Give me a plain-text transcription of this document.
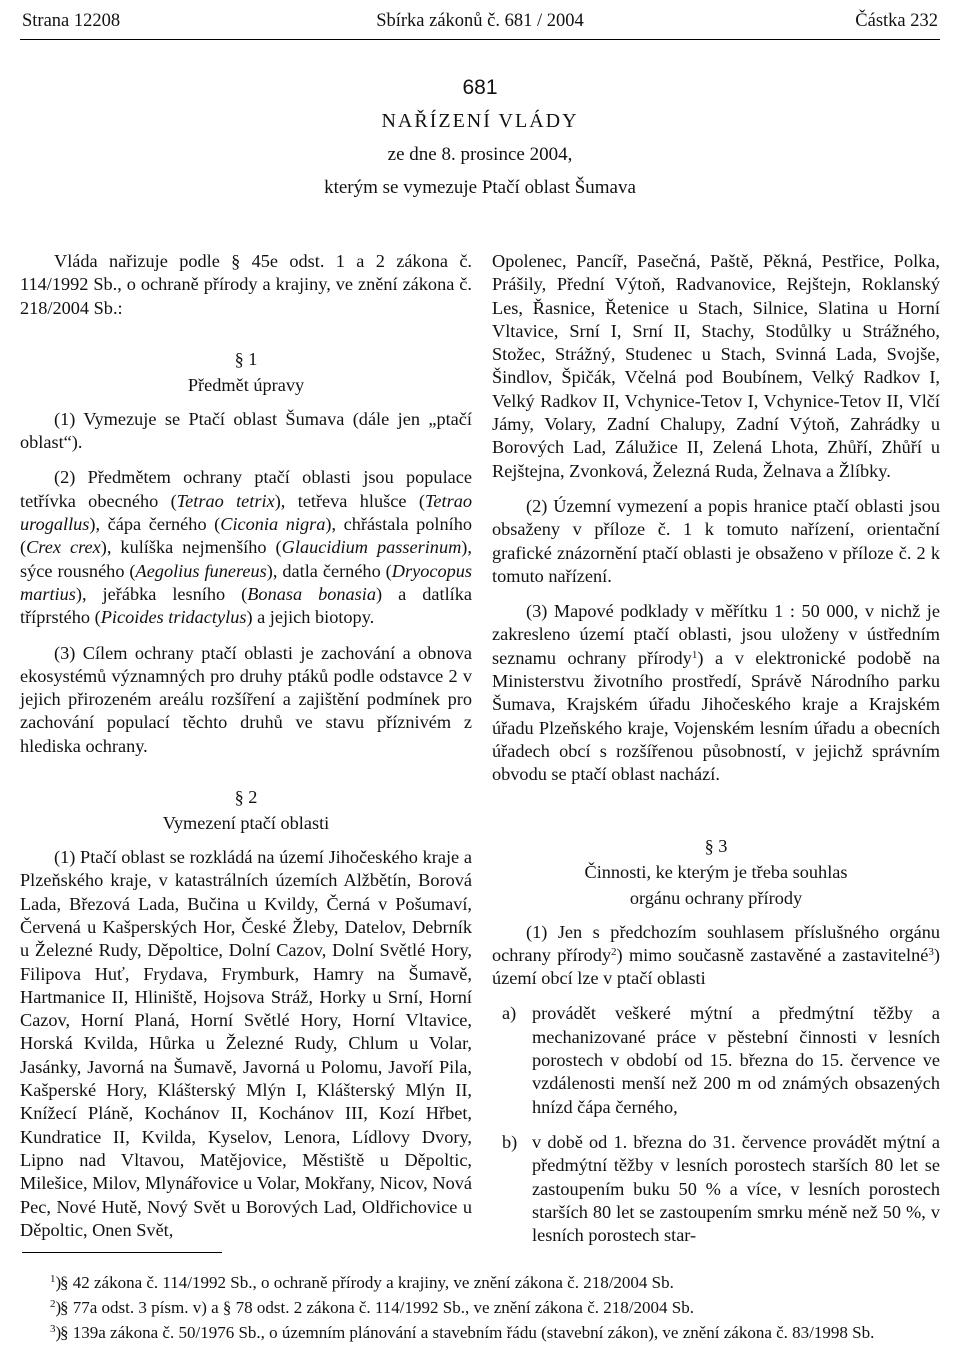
Strana 12208	Sbírka zákonů č. 681 / 2004	Částka 232
681
NAŘÍZENÍ VLÁDY
ze dne 8. prosince 2004,
kterým se vymezuje Ptačí oblast Šumava

Vláda nařizuje podle § 45e odst. 1 a 2 zákona č. 114/1992 Sb., o ochraně přírody a krajiny, ve znění zákona č. 218/2004 Sb.:

§ 1

Předmět úpravy

(1) Vymezuje se Ptačí oblast Šumava (dále jen „ptačí oblast“).

(2) Předmětem ochrany ptačí oblasti jsou populace tetřívka obecného (Tetrao tetrix), tetřeva hlušce (Tetrao urogallus), čápa černého (Ciconia nigra), chřástala polního (Crex crex), kulíška nejmenšího (Glaucidium passerinum), sýce rousného (Aegolius funereus), datla černého (Dryocopus martius), jeřábka lesního (Bonasa bonasia) a datlíka tříprstého (Picoides tridactylus) a jejich biotopy.

(3) Cílem ochrany ptačí oblasti je zachování a obnova ekosystémů významných pro druhy ptáků podle odstavce 2 v jejich přirozeném areálu rozšíření a zajištění podmínek pro zachování populací těchto druhů ve stavu příznivém z hlediska ochrany.

§ 2

Vymezení ptačí oblasti

(1) Ptačí oblast se rozkládá na území Jihočeského kraje a Plzeňského kraje, v katastrálních územích Alžbětín, Borová Lada, Březová Lada, Bučina u Kvildy, Černá v Pošumaví, Červená u Kašperských Hor, České Žleby, Datelov, Debrník u Železné Rudy, Děpoltice, Dolní Cazov, Dolní Světlé Hory, Filipova Huť, Frydava, Frymburk, Hamry na Šumavě, Hartmanice II, Hliniště, Hojsova Stráž, Horky u Srní, Horní Cazov, Horní Planá, Horní Světlé Hory, Horní Vltavice, Horská Kvilda, Hůrka u Železné Rudy, Chlum u Volar, Jasánky, Javorná na Šumavě, Javorná u Polomu, Javoří Pila, Kašperské Hory, Klášterský Mlýn I, Klášterský Mlýn II, Knížecí Pláně, Kochánov II, Kochánov III, Kozí Hřbet, Kundratice II, Kvilda, Kyselov, Lenora, Lídlovy Dvory, Lipno nad Vltavou, Matějovice, Městiště u Děpoltic, Milešice, Milov, Mlynářovice u Volar, Mokřany, Nicov, Nová Pec, Nové Hutě, Nový Svět u Borových Lad, Oldřichovice u Děpoltic, Onen Svět,

Opolenec, Pancíř, Pasečná, Paště, Pěkná, Pestřice, Polka, Prášily, Přední Výtoň, Radvanovice, Rejštejn, Roklanský Les, Řasnice, Řetenice u Stach, Silnice, Slatina u Horní Vltavice, Srní I, Srní II, Stachy, Stodůlky u Strážného, Stožec, Strážný, Studenec u Stach, Svinná Lada, Svojše, Šindlov, Špičák, Včelná pod Boubínem, Velký Radkov I, Velký Radkov II, Vchynice-Tetov I, Vchynice-Tetov II, Vlčí Jámy, Volary, Zadní Chalupy, Zadní Výtoň, Zahrádky u Borových Lad, Zálužice II, Zelená Lhota, Zhůří, Zhůří u Rejštejna, Zvonková, Železná Ruda, Želnava a Žlíbky.

(2) Územní vymezení a popis hranice ptačí oblasti jsou obsaženy v příloze č. 1 k tomuto nařízení, orientační grafické znázornění ptačí oblasti je obsaženo v příloze č. 2 k tomuto nařízení.

(3) Mapové podklady v měřítku 1 : 50 000, v nichž je zakresleno území ptačí oblasti, jsou uloženy v ústředním seznamu ochrany přírody$^1$) a v elektronické podobě na Ministerstvu životního prostředí, Správě Národního parku Šumava, Krajském úřadu Jihočeského kraje a Krajském úřadu Plzeňského kraje, Vojenském lesním úřadu a obecních úřadech obcí s rozšířenou působností, v jejichž správním obvodu se ptačí oblast nachází.

§ 3

Činnosti, ke kterým je třeba souhlas

orgánu ochrany přírody

(1) Jen s předchozím souhlasem příslušného orgánu ochrany přírody$^2$) mimo současně zastavěné a zastavitelné$^3$) území obcí lze v ptačí oblasti

a) provádět veškeré mýtní a předmýtní těžby a mechanizované práce v pěstební činnosti v lesních porostech v období od 15. března do 15. července ve vzdálenosti menší než 200 m od známých obsazených hnízd čápa černého,
b) v době od 1. března do 31. července provádět mýtní a předmýtní těžby v lesních porostech starších 80 let se zastoupením buku 50 % a více, v lesních porostech starších 80 let se zastoupením smrku méně než 50 %, v lesních porostech star-
$^1$)
§ 42 zákona č. 114/1992 Sb., o ochraně přírody a krajiny, ve znění zákona č. 218/2004 Sb.
$^2$)
§ 77a odst. 3 písm. v) a § 78 odst. 2 zákona č. 114/1992 Sb., ve znění zákona č. 218/2004 Sb.
$^3$)
§ 139a zákona č. 50/1976 Sb., o územním plánování a stavebním řádu (stavební zákon), ve znění zákona č. 83/1998 Sb.
